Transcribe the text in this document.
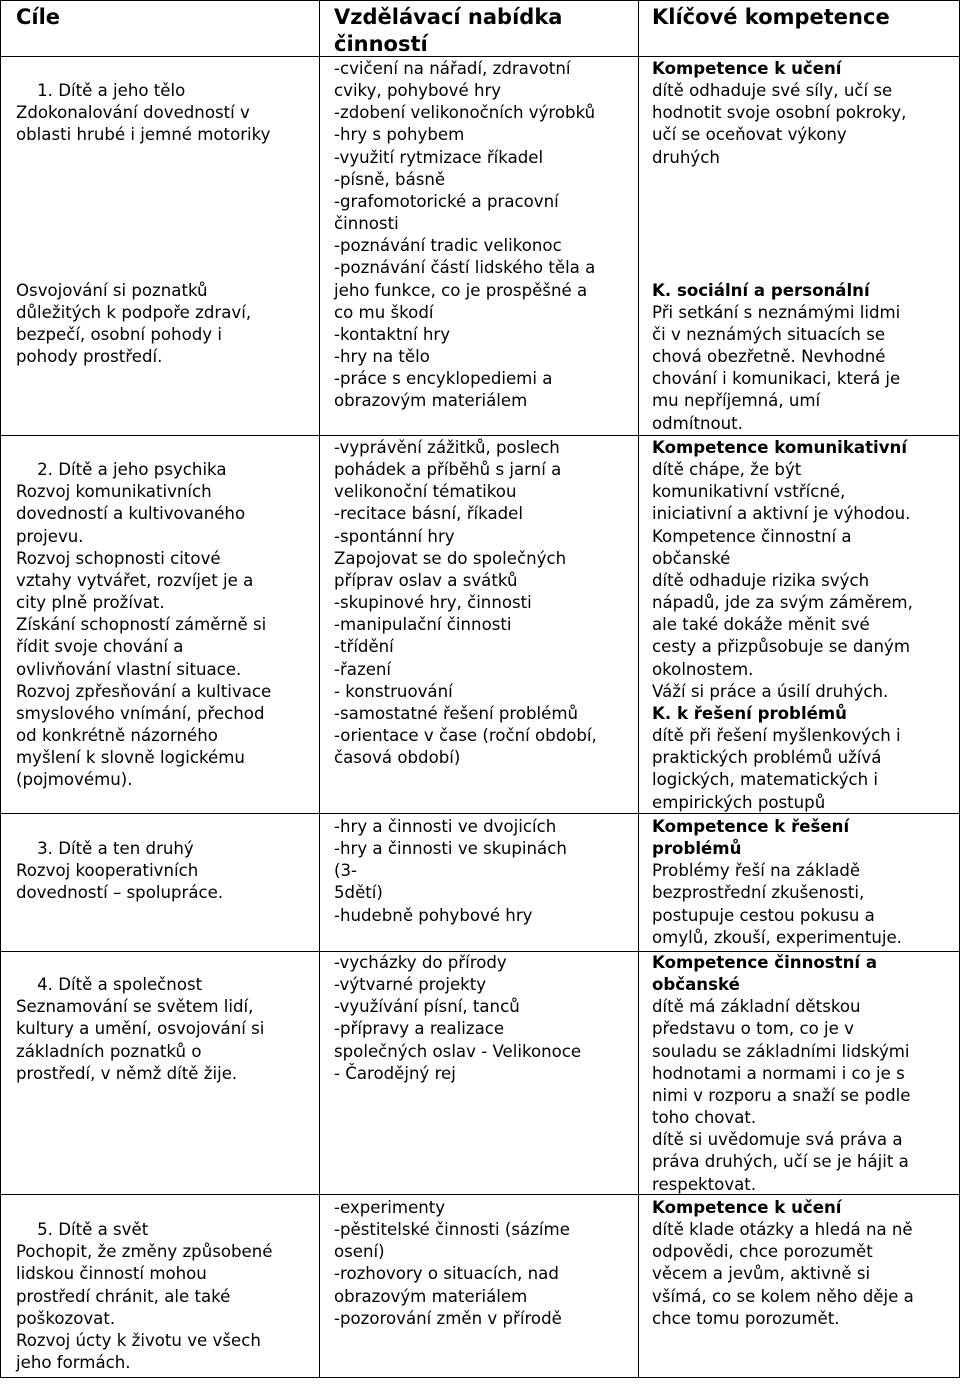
Cíle	Vzdělávací nabídka
činností
Klíčové kompetence

1. Dítě a jeho tělo
Zdokonalování dovedností v
oblasti hrubé i jemné motoriky

Osvojování si poznatků
důležitých k podpoře zdraví,
bezpečí, osobní pohody i
pohody prostředí.

-cvičení na nářadí, zdravotní
cviky, pohybové hry
-zdobení velikonočních výrobků
-hry s pohybem
-využití rytmizace říkadel
-písně, básně
-grafomotorické a pracovní
činnosti
-poznávání tradic velikonoc
-poznávání částí lidského těla a
jeho funkce, co je prospěšné a
co mu škodí
-kontaktní hry
-hry na tělo
-práce s encyklopediemi a
obrazovým materiálem
Kompetence k učení
dítě odhaduje své síly, učí se
hodnotit svoje osobní pokroky,
učí se oceňovat výkony
druhých

K. sociální a personální
Při setkání s neznámými lidmi
či v neznámých situacích se
chová obezřetně. Nevhodné
chování i komunikaci, která je
mu nepříjemná, umí
odmítnout.

2. Dítě a jeho psychika
Rozvoj komunikativních
dovedností a kultivovaného
projevu.
Rozvoj schopnosti citové
vztahy vytvářet, rozvíjet je a
city plně prožívat.
Získání schopností záměrně si
řídit svoje chování a
ovlivňování vlastní situace.
Rozvoj zpřesňování a kultivace
smyslového vnímání, přechod
od konkrétně názorného
myšlení k slovně logickému
(pojmovému).

-vyprávění zážitků, poslech
pohádek a příběhů s jarní a
velikonoční tématikou
-recitace básní, říkadel
-spontánní hry
Zapojovat se do společných
příprav oslav a svátků
-skupinové hry, činnosti
-manipulační činnosti
-třídění
-řazení
- konstruování
-samostatné řešení problémů
-orientace v čase (roční období,
časová období)
Kompetence komunikativní
dítě chápe, že být
komunikativní vstřícné,
iniciativní a aktivní je výhodou.
Kompetence činnostní a
občanské
dítě odhaduje rizika svých
nápadů, jde za svým záměrem,
ale také dokáže měnit své
cesty a přizpůsobuje se daným
okolnostem.
Váží si práce a úsilí druhých.
K. k řešení problémů
dítě při řešení myšlenkových i
praktických problémů užívá
logických, matematických i
empirických postupů

3. Dítě a ten druhý
Rozvoj kooperativních
dovedností – spolupráce.

-hry a činnosti ve dvojicích
-hry a činnosti ve skupinách
(3-
5dětí)
-hudebně pohybové hry
Kompetence k řešení
problémů
Problémy řeší na základě
bezprostřední zkušenosti,
postupuje cestou pokusu a
omylů, zkouší, experimentuje.

4. Dítě a společnost
Seznamování se světem lidí,
kultury a umění, osvojování si
základních poznatků o
prostředí, v němž dítě žije.

-vycházky do přírody
-výtvarné projekty
-využívání písní, tanců
-přípravy a realizace
společných oslav - Velikonoce
- Čarodějný rej
Kompetence činnostní a
občanské
dítě má základní dětskou
představu o tom, co je v
souladu se základními lidskými
hodnotami a normami i co je s
nimi v rozporu a snaží se podle
toho chovat.
dítě si uvědomuje svá práva a
práva druhých, učí se je hájit a
respektovat.

5. Dítě a svět
Pochopit, že změny způsobené
lidskou činností mohou
prostředí chránit, ale také
poškozovat.
Rozvoj úcty k životu ve všech
jeho formách.

-experimenty
-pěstitelské činnosti (sázíme
osení)
-rozhovory o situacích, nad
obrazovým materiálem
-pozorování změn v přírodě
Kompetence k učení
dítě klade otázky a hledá na ně
odpovědi, chce porozumět
věcem a jevům, aktivně si
všímá, co se kolem něho děje a
chce tomu porozumět.
